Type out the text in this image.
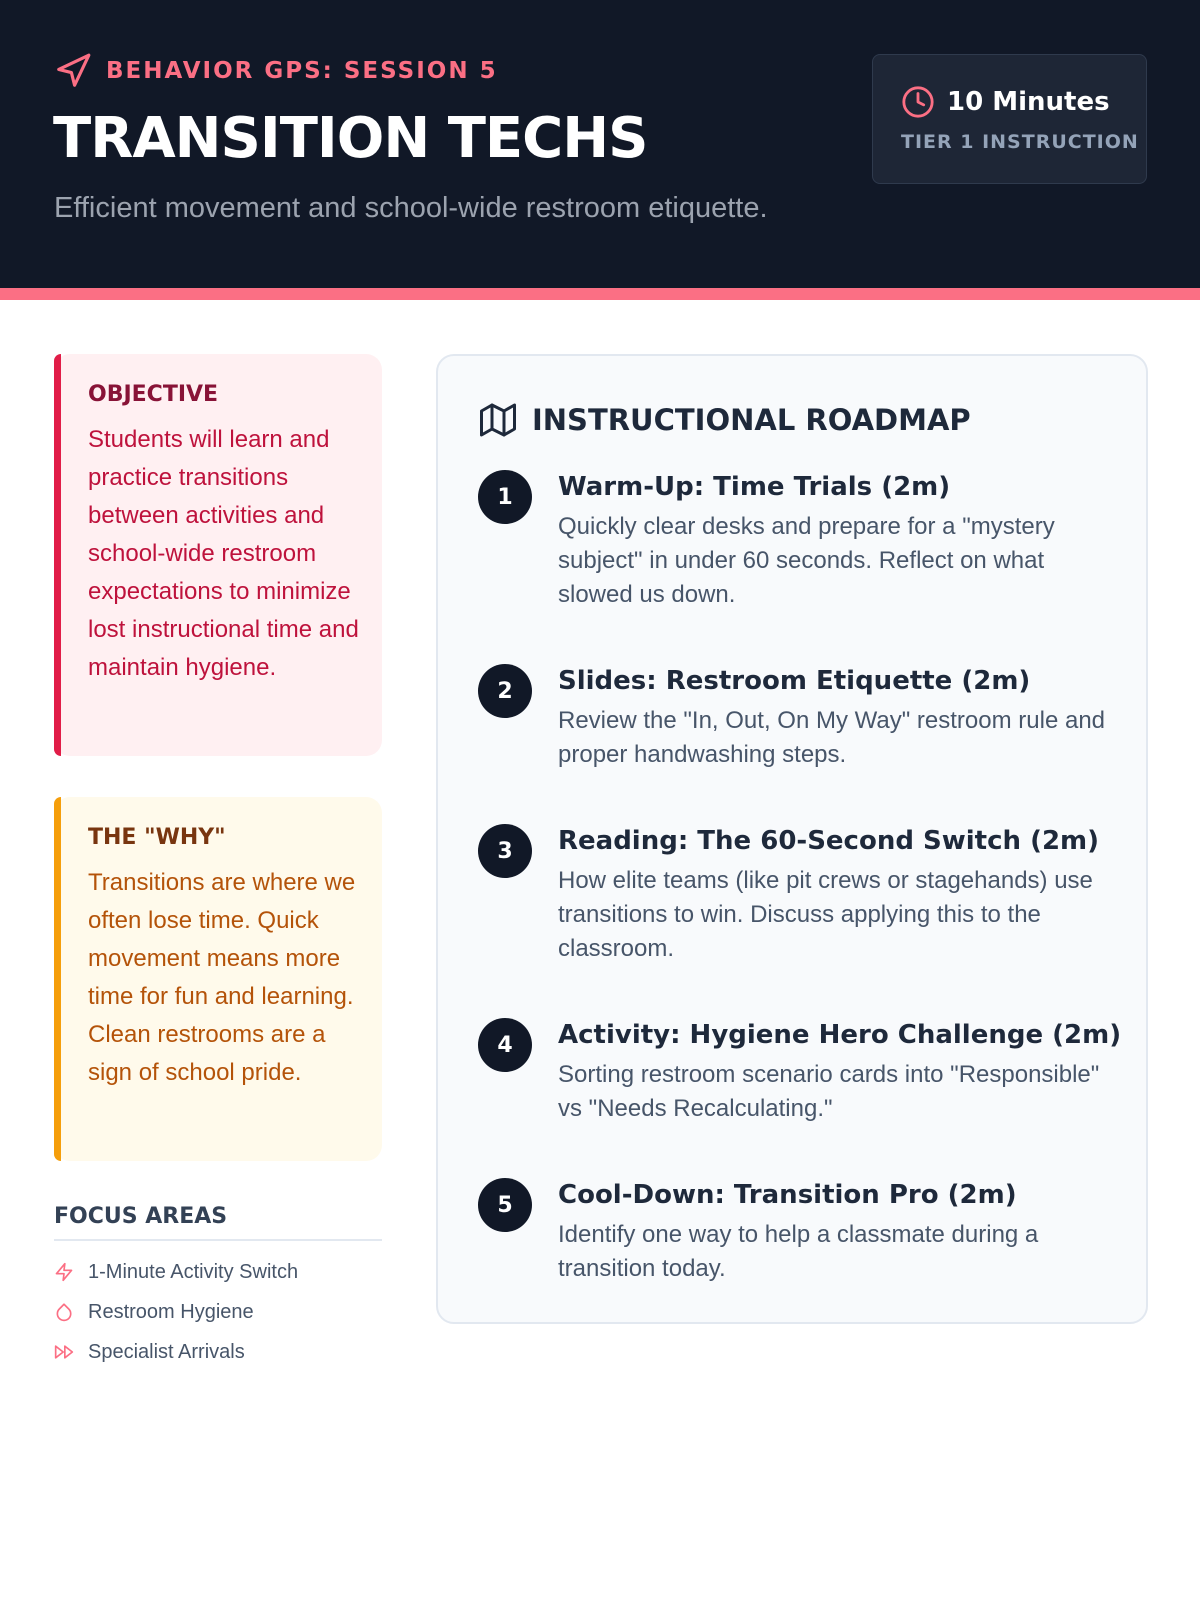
BEHAVIOR GPS: SESSION 5
TRANSITION TECHS
Efficient movement and school-wide restroom etiquette.
10 Minutes
TIER 1 INSTRUCTION
OBJECTIVE
Students will learn and practice transitions between activities and school-wide restroom expectations to minimize lost instructional time and maintain hygiene.
THE "WHY"
Transitions are where we often lose time. Quick movement means more time for fun and learning. Clean restrooms are a sign of school pride.
FOCUS AREAS
1-Minute Activity Switch
Restroom Hygiene
Specialist Arrivals
INSTRUCTIONAL ROADMAP
1	Warm-Up: Time Trials (2m)
Quickly clear desks and prepare for a "mystery subject" in under 60 seconds. Reflect on what slowed us down.
2	Slides: Restroom Etiquette (2m)
Review the "In, Out, On My Way" restroom rule and proper handwashing steps.
3	Reading: The 60-Second Switch (2m)
How elite teams (like pit crews or stagehands) use transitions to win. Discuss applying this to the classroom.
4	Activity: Hygiene Hero Challenge (2m)
Sorting restroom scenario cards into "Responsible" vs "Needs Recalculating."
5	Cool-Down: Transition Pro (2m)
Identify one way to help a classmate during a transition today.
